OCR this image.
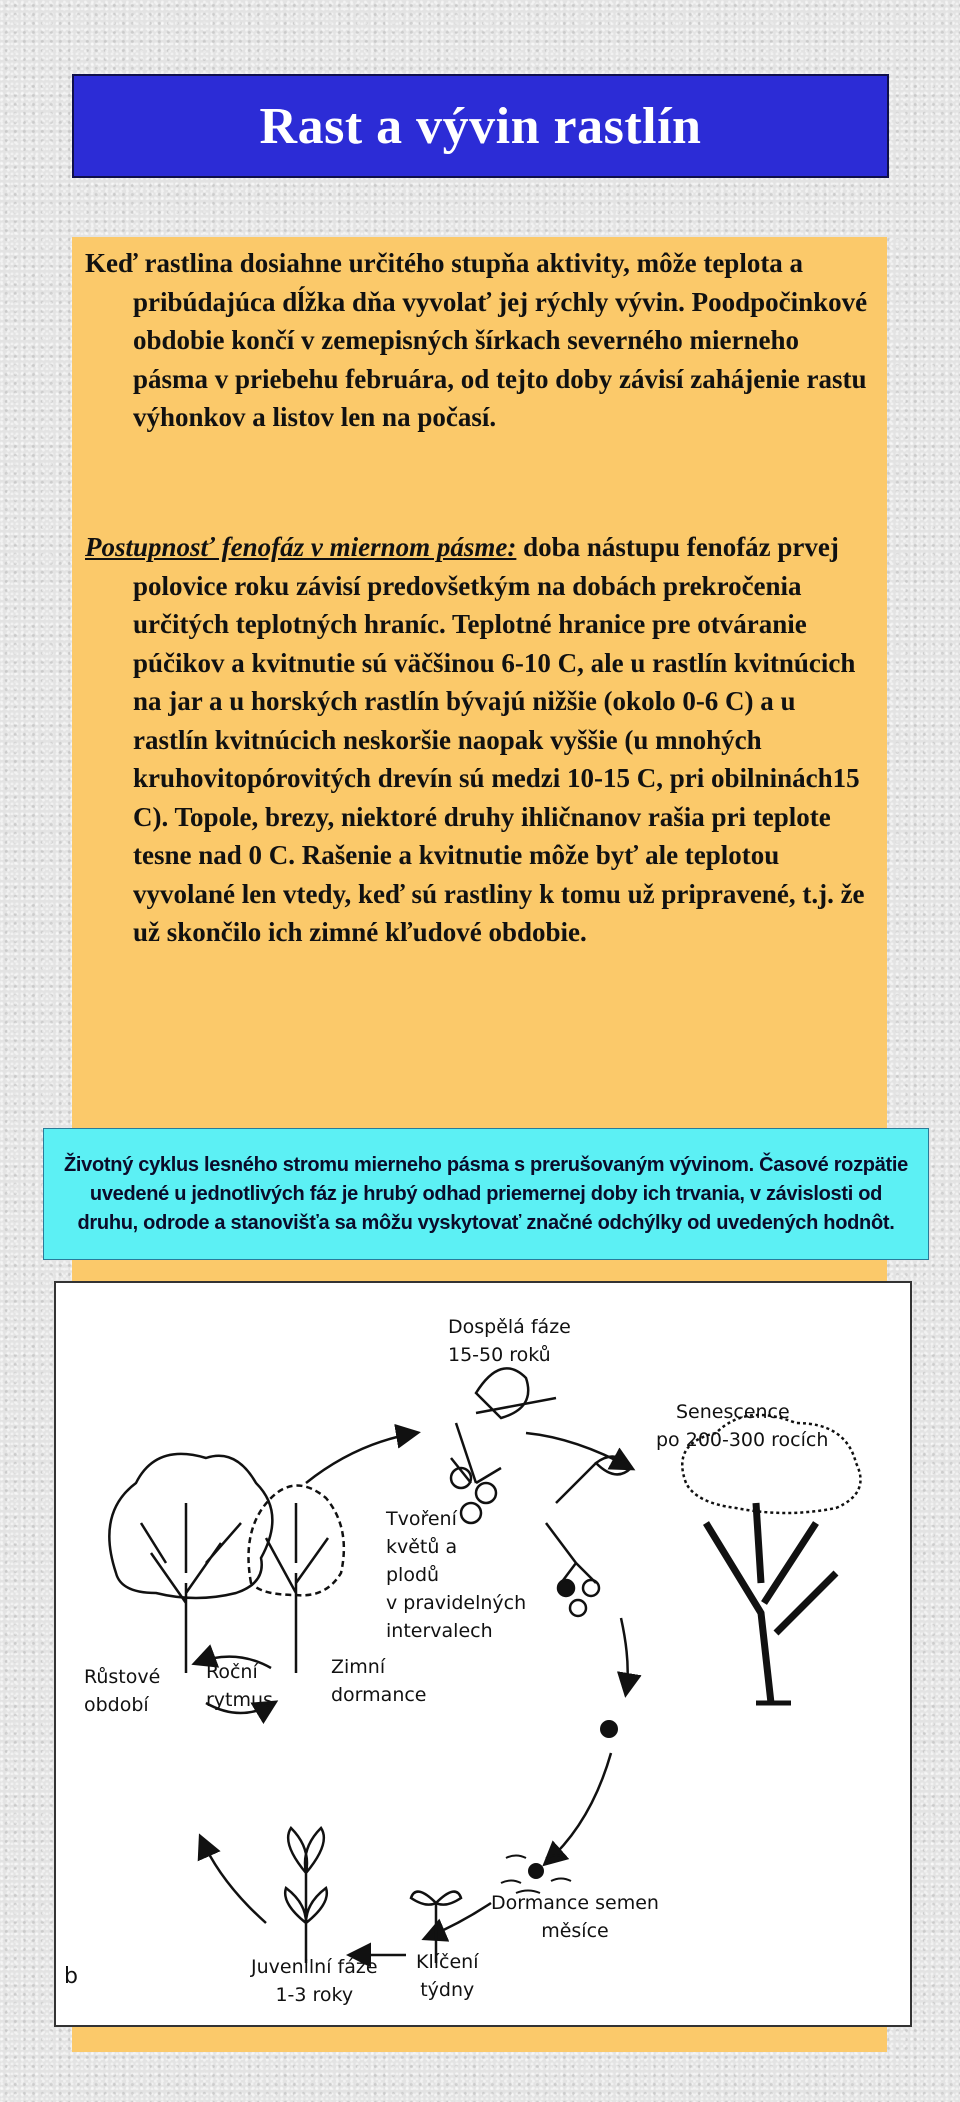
Rast a vývin rastlín

Keď rastlina dosiahne určitého stupňa aktivity, môže teplota a pribúdajúca dĺžka dňa vyvolať jej rýchly vývin. Poodpočinkové obdobie končí v zemepisných šírkach severného mierneho pásma v priebehu februára, od tejto doby závisí zahájenie rastu výhonkov a listov len na počasí.

Postupnosť fenofáz v miernom pásme: doba nástupu fenofáz prvej polovice roku závisí predovšetkým na dobách prekročenia určitých teplotných hraníc. Teplotné hranice pre otváranie púčikov a kvitnutie sú väčšinou 6-10 C, ale u rastlín kvitnúcich na jar a u horských rastlín bývajú nižšie (okolo 0-6 C) a u rastlín kvitnúcich neskoršie naopak vyššie (u mnohých kruhovitopórovitých drevín sú medzi 10-15 C, pri obilninách15 C). Topole, brezy, niektoré druhy ihličnanov rašia pri teplote tesne nad 0 C. Rašenie a kvitnutie môže byť ale teplotou vyvolané len vtedy, keď sú rastliny k tomu už pripravené, t.j. že už skončilo ich zimné kľudové obdobie.

Životný cyklus lesného stromu mierneho pásma s prerušovaným vývinom. Časové rozpätie uvedené u jednotlivých fáz je hrubý odhad priemernej doby ich trvania, v závislosti od druhu, odrode a stanovišťa sa môžu vyskytovať značné odchýlky od uvedených hodnôt.

Dospělá fáze
15-50 roků
Senescence
po 200-300 rocích
Tvoření
květů a
plodů
v pravidelných
intervalech
Růstové
období
Roční
rytmus
Zimní
dormance
Dormance semen
měsíce
Juvenilní fáze
1-3 roky
Klíčení
týdny
b
